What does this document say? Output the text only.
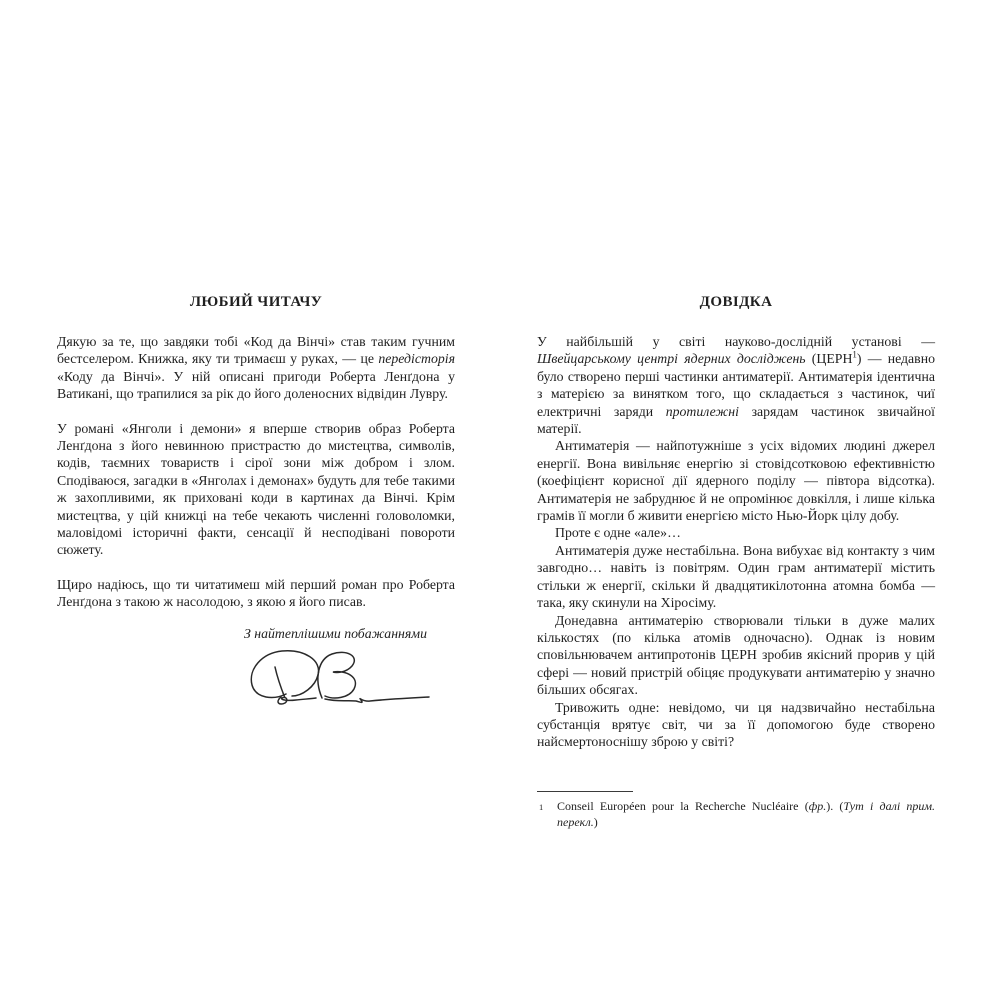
ЛЮБИЙ ЧИТАЧУ

Дякую за те, що завдяки тобі «Код да Вінчі» став таким гучним бестселером. Книжка, яку ти тримаєш у руках, — це передісторія «Коду да Вінчі». У ній описані пригоди Роберта Ленґдона у Ватикані, що трапилися за рік до його доленосних відвідин Лувру.

У романі «Янголи і демони» я вперше створив образ Роберта Ленґдона з його невинною пристрастю до мистецтва, символів, кодів, таємних товариств і сірої зони між добром і злом. Сподіваюся, загадки в «Янголах і демонах» будуть для тебе такими ж захопливими, як приховані коди в картинах да Вінчі. Крім мистецтва, у цій книжці на тебе чекають численні головоломки, маловідомі історичні факти, сенсації й несподівані повороти сюжету.

Щиро надіюсь, що ти читатимеш мій перший роман про Роберта Ленґдона з такою ж насолодою, з якою я його писав.

З найтеплішими побажаннями
ДОВІДКА

У найбільшій у світі науково-дослідній установі — Швейцарському центрі ядерних досліджень (ЦЕРН$^1$) — недавно було створено перші частинки антиматерії. Антиматерія ідентична з матерією за винятком того, що складається з частинок, чиї електричні заряди протилежні зарядам частинок звичайної матерії.

Антиматерія — найпотужніше з усіх відомих людині джерел енергії. Вона вивільняє енергію зі стовідсотковою ефективністю (коефіцієнт корисної дії ядерного поділу — півтора відсотка). Антиматерія не забруднює й не опромінює довкілля, і лише кілька грамів її могли б живити енергією місто Нью-Йорк цілу добу.

Проте є одне «але»…

Антиматерія дуже нестабільна. Вона вибухає від контакту з чим завгодно… навіть із повітрям. Один грам антиматерії містить стільки ж енергії, скільки й двадцятикілотонна атомна бомба — така, яку скинули на Хіросіму.

Донедавна антиматерію створювали тільки в дуже малих кількостях (по кілька атомів одночасно). Однак із новим сповільнювачем антипротонів ЦЕРН зробив якісний прорив у цій сфері — новий пристрій обіцяє продукувати антиматерію у значно більших обсягах.

Тривожить одне: невідомо, чи ця надзвичайно нестабільна субстанція врятує світ, чи за її допомогою буде створено найсмертоноснішу зброю у світі?

1 Conseil Européen pour la Recherche Nucléaire (фр.). (Тут і далі прим. перекл.)
